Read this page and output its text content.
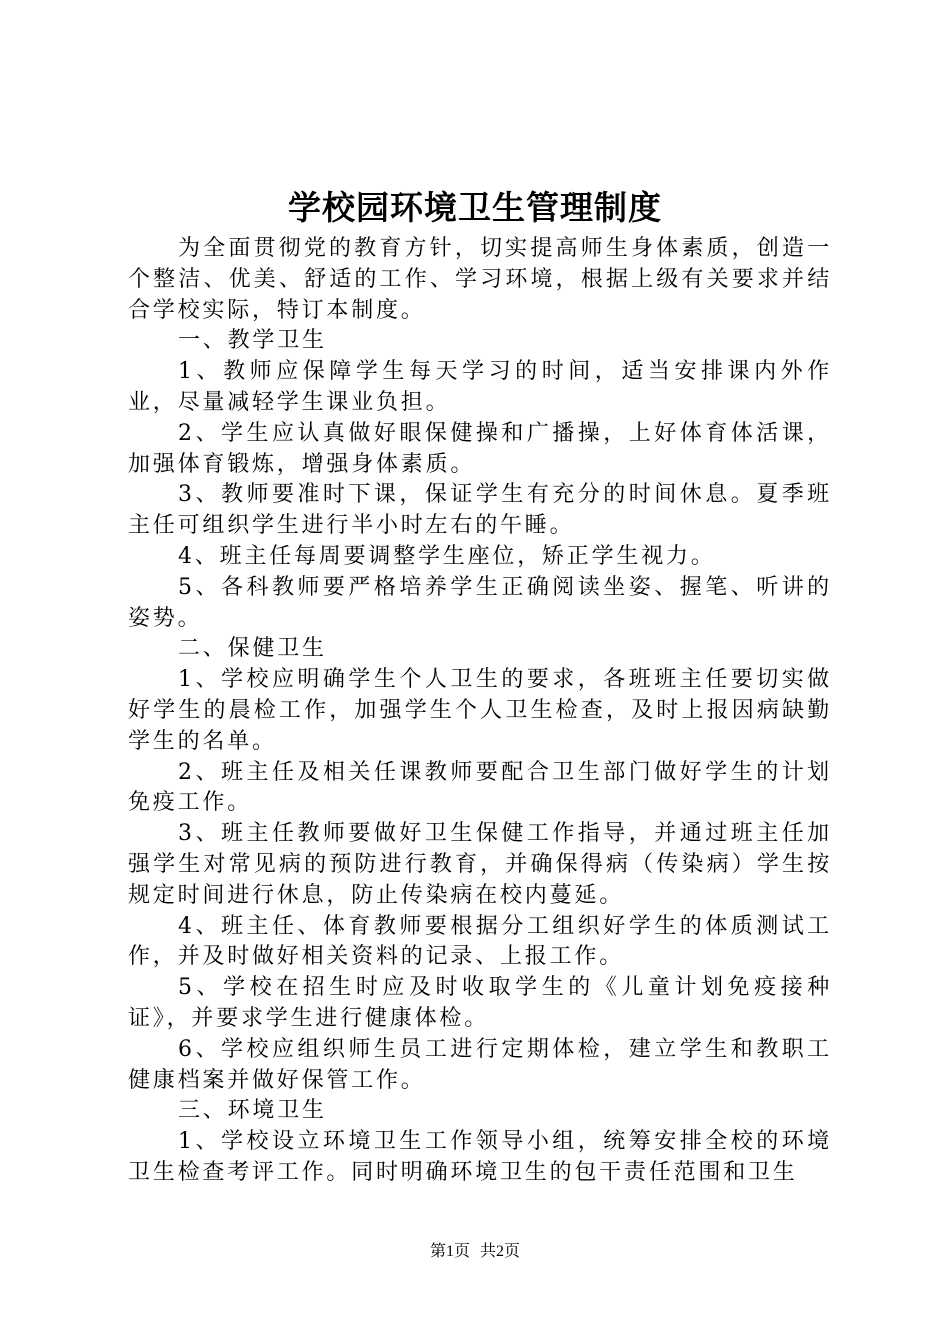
学校园环境卫生管理制度

为全面贯彻党的教育方针，切实提高师生身体素质，创造一个整洁、优美、舒适的工作、学习环境，根据上级有关要求并结合学校实际，特订本制度。

一、教学卫生

1、教师应保障学生每天学习的时间，适当安排课内外作业，尽量减轻学生课业负担。

2、学生应认真做好眼保健操和广播操，上好体育体活课，加强体育锻炼，增强身体素质。

3、教师要准时下课，保证学生有充分的时间休息。夏季班主任可组织学生进行半小时左右的午睡。

4、班主任每周要调整学生座位，矫正学生视力。

5、各科教师要严格培养学生正确阅读坐姿、握笔、听讲的姿势。

二、保健卫生

1、学校应明确学生个人卫生的要求，各班班主任要切实做好学生的晨检工作，加强学生个人卫生检查，及时上报因病缺勤学生的名单。

2、班主任及相关任课教师要配合卫生部门做好学生的计划免疫工作。

3、班主任教师要做好卫生保健工作指导，并通过班主任加强学生对常见病的预防进行教育，并确保得病（传染病）学生按规定时间进行休息，防止传染病在校内蔓延。

4、班主任、体育教师要根据分工组织好学生的体质测试工作，并及时做好相关资料的记录、上报工作。

5、学校在招生时应及时收取学生的《儿童计划免疫接种证》，并要求学生进行健康体检。

6、学校应组织师生员工进行定期体检，建立学生和教职工健康档案并做好保管工作。

三、环境卫生

1、学校设立环境卫生工作领导小组，统筹安排全校的环境卫生检查考评工作。同时明确环境卫生的包干责任范围和卫生

第1页 共2页
